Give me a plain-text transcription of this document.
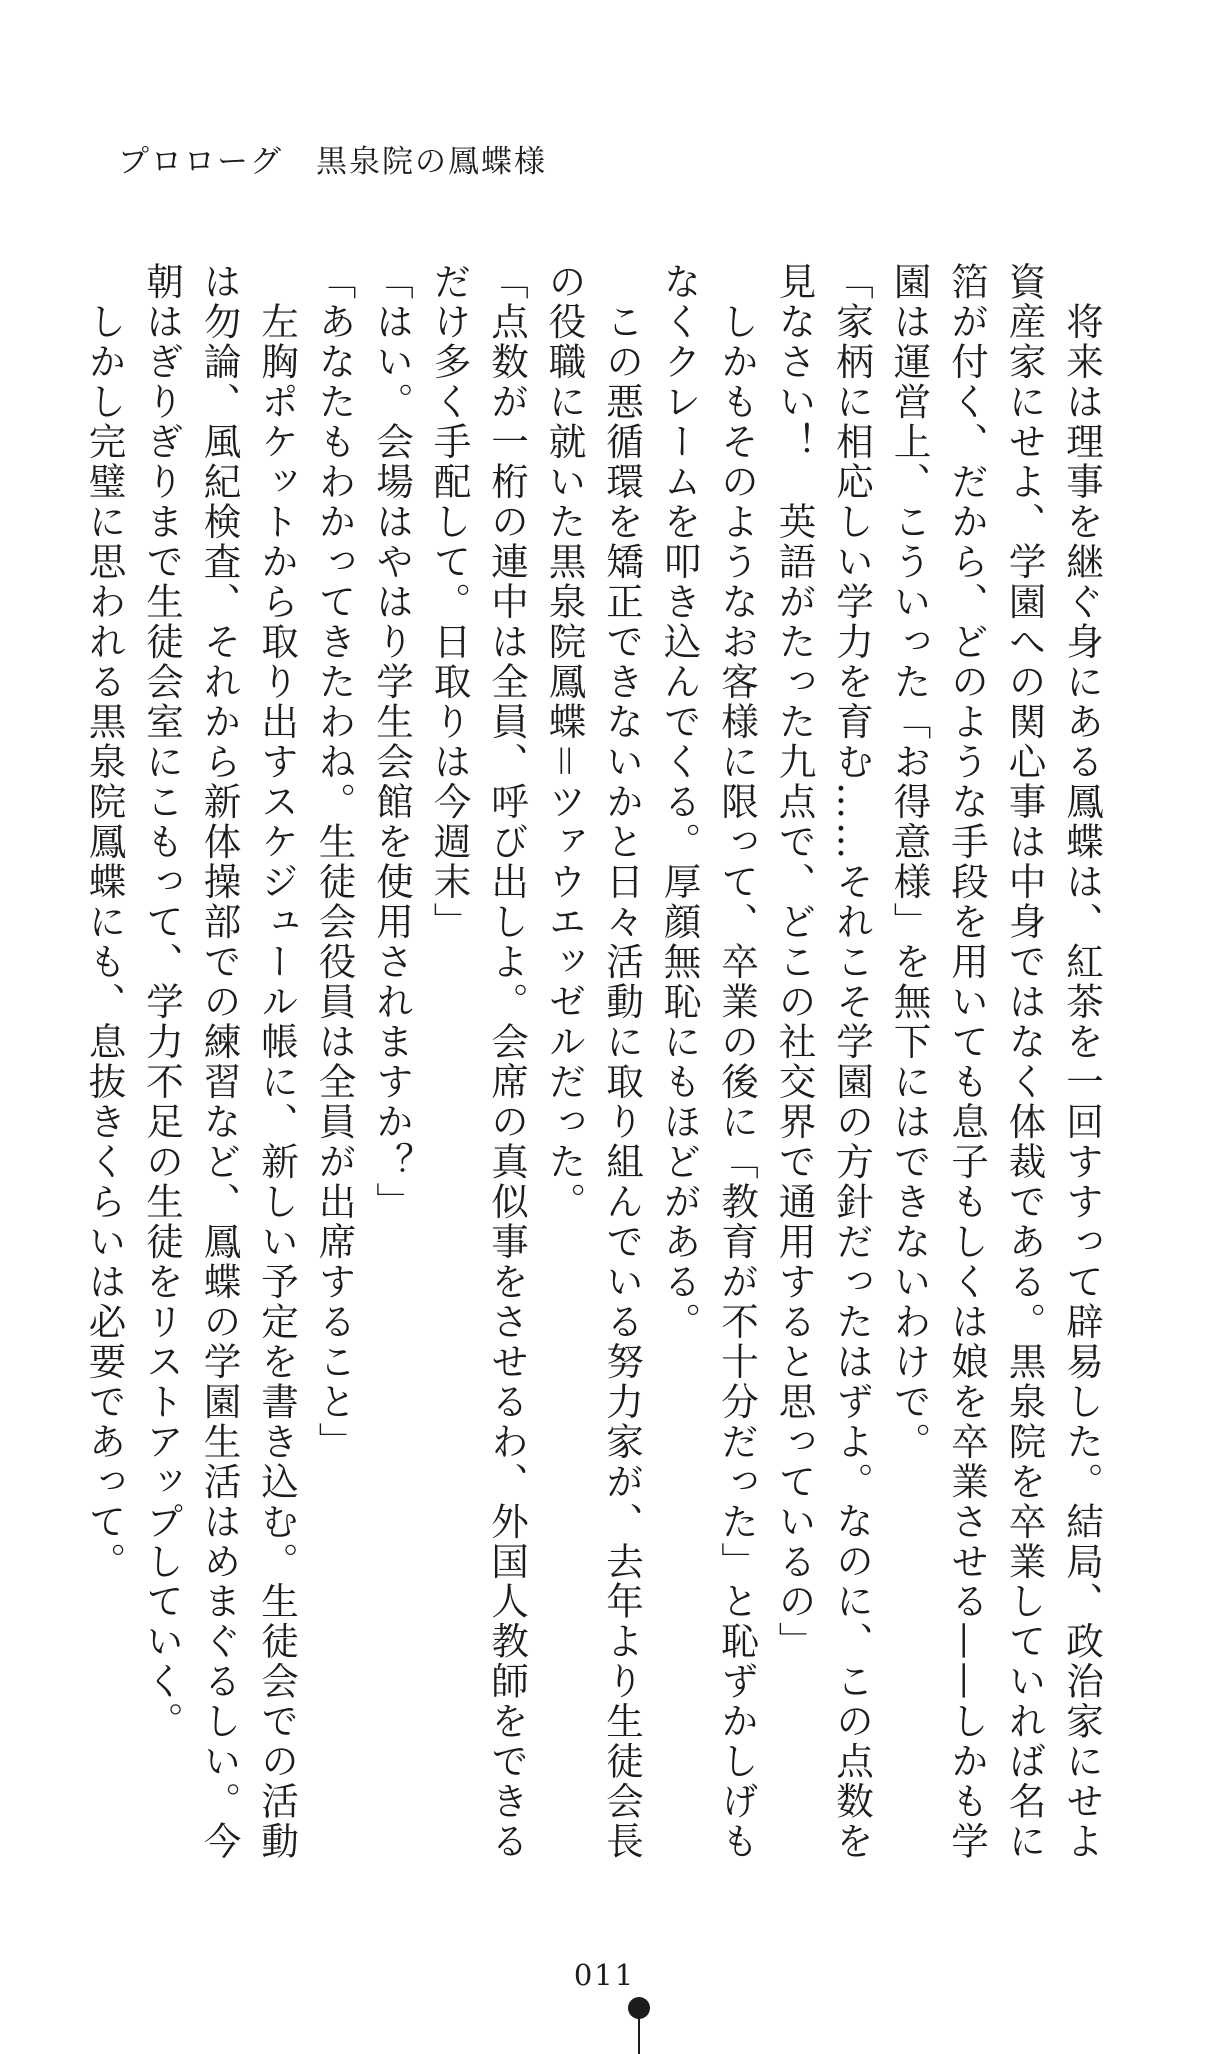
プロローグ　黒泉院の鳳蝶様

　将来は理事を継ぐ身にある鳳蝶は、紅茶を一回すすって辟易した。結局、政治家にせよ

資産家にせよ、学園への関心事は中身ではなく体裁である。黒泉院を卒業していれば名に

箔が付く、だから、どのような手段を用いても息子もしくは娘を卒業させる——しかも学

園は運営上、こういった「お得意様」を無下にはできないわけで。

「家柄に相応しい学力を育む……それこそ学園の方針だったはずよ。なのに、この点数を

見なさい！　英語がたった九点で、どこの社交界で通用すると思っているの」

　しかもそのようなお客様に限って、卒業の後に「教育が不十分だった」と恥ずかしげも

なくクレームを叩き込んでくる。厚顔無恥にもほどがある。

　この悪循環を矯正できないかと日々活動に取り組んでいる努力家が、去年より生徒会長

の役職に就いた黒泉院鳳蝶＝ツァウエッゼルだった。

「点数が一桁の連中は全員、呼び出しよ。会席の真似事をさせるわ、外国人教師をできる

だけ多く手配して。日取りは今週末」

「はい。会場はやはり学生会館を使用されますか？」

「あなたもわかってきたわね。生徒会役員は全員が出席すること」

　左胸ポケットから取り出すスケジュール帳に、新しい予定を書き込む。生徒会での活動

は勿論、風紀検査、それから新体操部での練習など、鳳蝶の学園生活はめまぐるしい。今

朝はぎりぎりまで生徒会室にこもって、学力不足の生徒をリストアップしていく。

　しかし完璧に思われる黒泉院鳳蝶にも、息抜きくらいは必要であって。

011
